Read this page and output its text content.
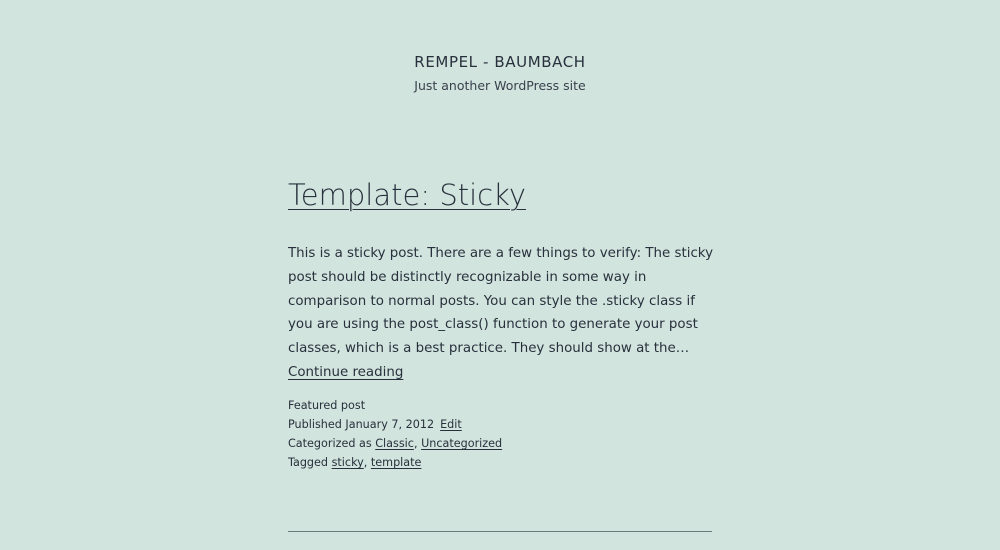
REMPEL - BAUMBACH
Just another WordPress site
Template: Sticky

This is a sticky post. There are a few things to verify: The sticky post should be distinctly recognizable in some way in comparison to normal posts. You can style the .sticky class if you are using the post_class() function to generate your post classes, which is a best practice. They should show at the… Continue reading

Featured post
Published January 7, 2012 Edit
Categorized as Classic, Uncategorized
Tagged sticky, template
